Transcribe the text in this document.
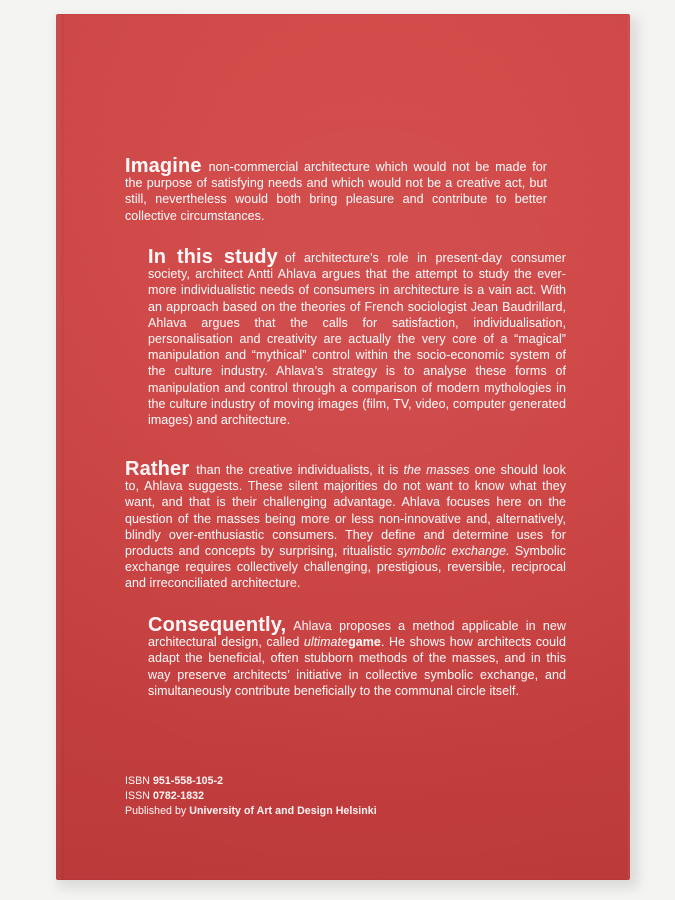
Imagine non-commercial architecture which would not be made for the purpose of satisfying needs and which would not be a creative act, but still, nevertheless would both bring pleasure and contribute to better collective circumstances.
In this study of architecture’s role in present-day consumer society, architect Antti Ahlava argues that the attempt to study the ever-more individualistic needs of consumers in architecture is a vain act. With an approach based on the theories of French sociologist Jean Baudrillard, Ahlava argues that the calls for satisfaction, individualisation, personalisation and creativity are actually the very core of a “magical” manipulation and “mythical” control within the socio-economic system of the culture industry. Ahlava’s strategy is to analyse these forms of manipulation and control through a comparison of modern mythologies in the culture industry of moving images (film, TV, video, computer generated images) and architecture.
Rather than the creative individualists, it is the masses one should look to, Ahlava suggests. These silent majorities do not want to know what they want, and that is their challenging advantage. Ahlava focuses here on the question of the masses being more or less non-innovative and, alternatively, blindly over-enthusiastic consumers. They define and determine uses for products and concepts by surprising, ritualistic symbolic exchange. Symbolic exchange requires collectively challenging, prestigious, reversible, reciprocal and irreconciliated architecture.
Consequently, Ahlava proposes a method applicable in new architectural design, called ultimategame. He shows how architects could adapt the beneficial, often stubborn methods of the masses, and in this way preserve architects’ initiative in collective symbolic exchange, and simultaneously contribute beneficially to the communal circle itself.
ISBN 951-558-105-2
ISSN 0782-1832
Published by University of Art and Design Helsinki
